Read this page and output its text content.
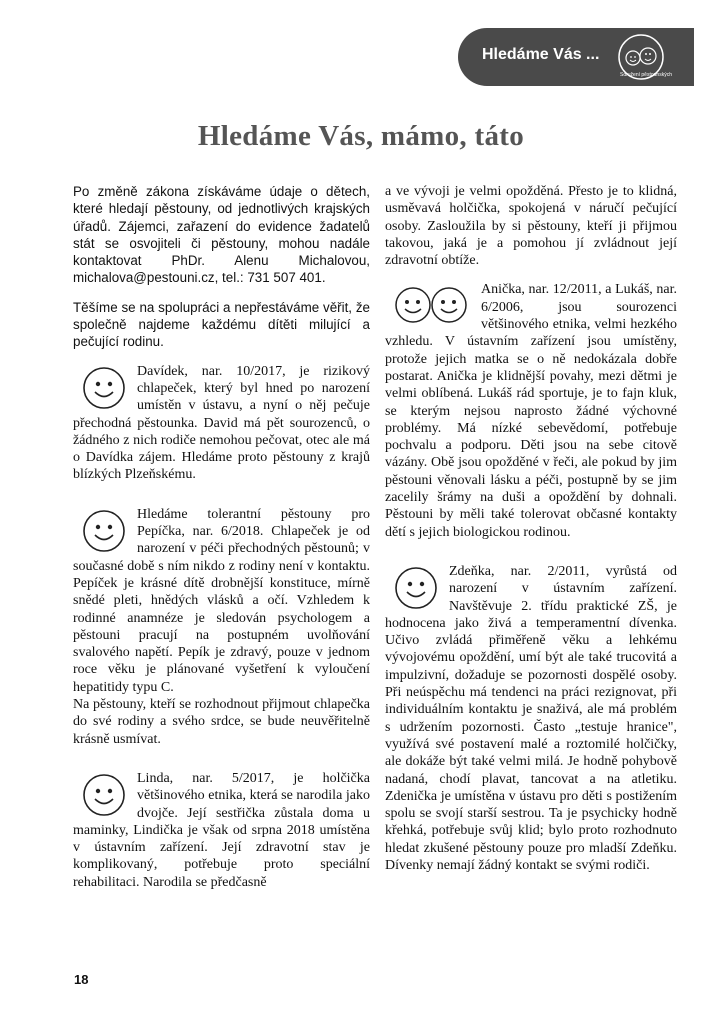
Hledáme Vás ...
Sdružení pěstounských
Hledáme Vás, mámo, táto

Po změně zákona získáváme údaje o dětech, které hledají pěstouny, od jednotlivých krajských úřadů. Zájemci, zařazení do evidence žadatelů stát se osvojiteli či pěstouny, mohou nadále kontaktovat PhDr. Alenu Michalovou, michalova@pestouni.cz, tel.: 731 507 401.

Těšíme se na spolupráci a nepřestáváme věřit, že společně najdeme každému dítěti milující a pečující rodinu.

Davídek, nar. 10/2017, je rizikový chlapeček, který byl hned po narození umístěn v ústavu, a nyní o něj pečuje přechodná pěstounka. David má pět sourozenců, o žádného z nich rodiče nemohou pečovat, otec ale má o Davídka zájem. Hledáme proto pěstouny z krajů blízkých Plzeňskému.

Hledáme tolerantní pěstouny pro Pepíčka, nar. 6/2018. Chlapeček je od narození v péči přechodných pěstounů; v současné době s ním nikdo z rodiny není v kontaktu. Pepíček je krásné dítě drobnější konstituce, mírně snědé pleti, hnědých vlásků a očí. Vzhledem k rodinné anamnéze je sledován psychologem a pěstouni pracují na postupném uvolňování svalového napětí. Pepík je zdravý, pouze v jednom roce věku je plánované vyšetření k vyloučení hepatitidy typu C.

Na pěstouny, kteří se rozhodnout přijmout chlapečka do své rodiny a svého srdce, se bude neuvěřitelně krásně usmívat.

Linda, nar. 5/2017, je holčička většinového etnika, která se narodila jako dvojče. Její sestřička zůstala doma u maminky, Lindička je však od srpna 2018 umístěna v ústavním zařízení. Její zdravotní stav je komplikovaný, potřebuje proto speciální rehabilitaci. Narodila se předčasně

a ve vývoji je velmi opožděná. Přesto je to klidná, usměvavá holčička, spokojená v náručí pečující osoby. Zasloužila by si pěstouny, kteří ji přijmou takovou, jaká je a pomohou jí zvládnout její zdravotní obtíže.

Anička, nar. 12/2011, a Lukáš, nar. 6/2006, jsou sourozenci většinového etnika, velmi hezkého vzhledu. V ústavním zařízení jsou umístěny, protože jejich matka se o ně nedokázala dobře postarat. Anička je klidnější povahy, mezi dětmi je velmi oblíbená. Lukáš rád sportuje, je to fajn kluk, se kterým nejsou naprosto žádné výchovné problémy. Má nízké sebevědomí, potřebuje pochvalu a podporu. Děti jsou na sebe citově vázány. Obě jsou opožděné v řeči, ale pokud by jim pěstouni věnovali lásku a péči, postupně by se jim zacelily šrámy na duši a opoždění by dohnali. Pěstouni by měli také tolerovat občasné kontakty dětí s jejich biologickou rodinou.

Zdeňka, nar. 2/2011, vyrůstá od narození v ústavním zařízení. Navštěvuje 2. třídu praktické ZŠ, je hodnocena jako živá a temperamentní dívenka. Učivo zvládá přiměřeně věku a lehkému vývojovému opoždění, umí být ale také trucovitá a impulzivní, dožaduje se pozornosti dospělé osoby. Při neúspěchu má tendenci na práci rezignovat, při individuálním kontaktu je snaživá, ale má problém s udržením pozornosti. Často „testuje hranice", využívá své postavení malé a roztomilé holčičky, ale dokáže být také velmi milá. Je hodně pohybově nadaná, chodí plavat, tancovat a na atletiku. Zdenička je umístěna v ústavu pro děti s postižením spolu se svojí starší sestrou. Ta je psychicky hodně křehká, potřebuje svůj klid; bylo proto rozhodnuto hledat zkušené pěstouny pouze pro mladší Zdeňku. Dívenky nemají žádný kontakt se svými rodiči.

18
